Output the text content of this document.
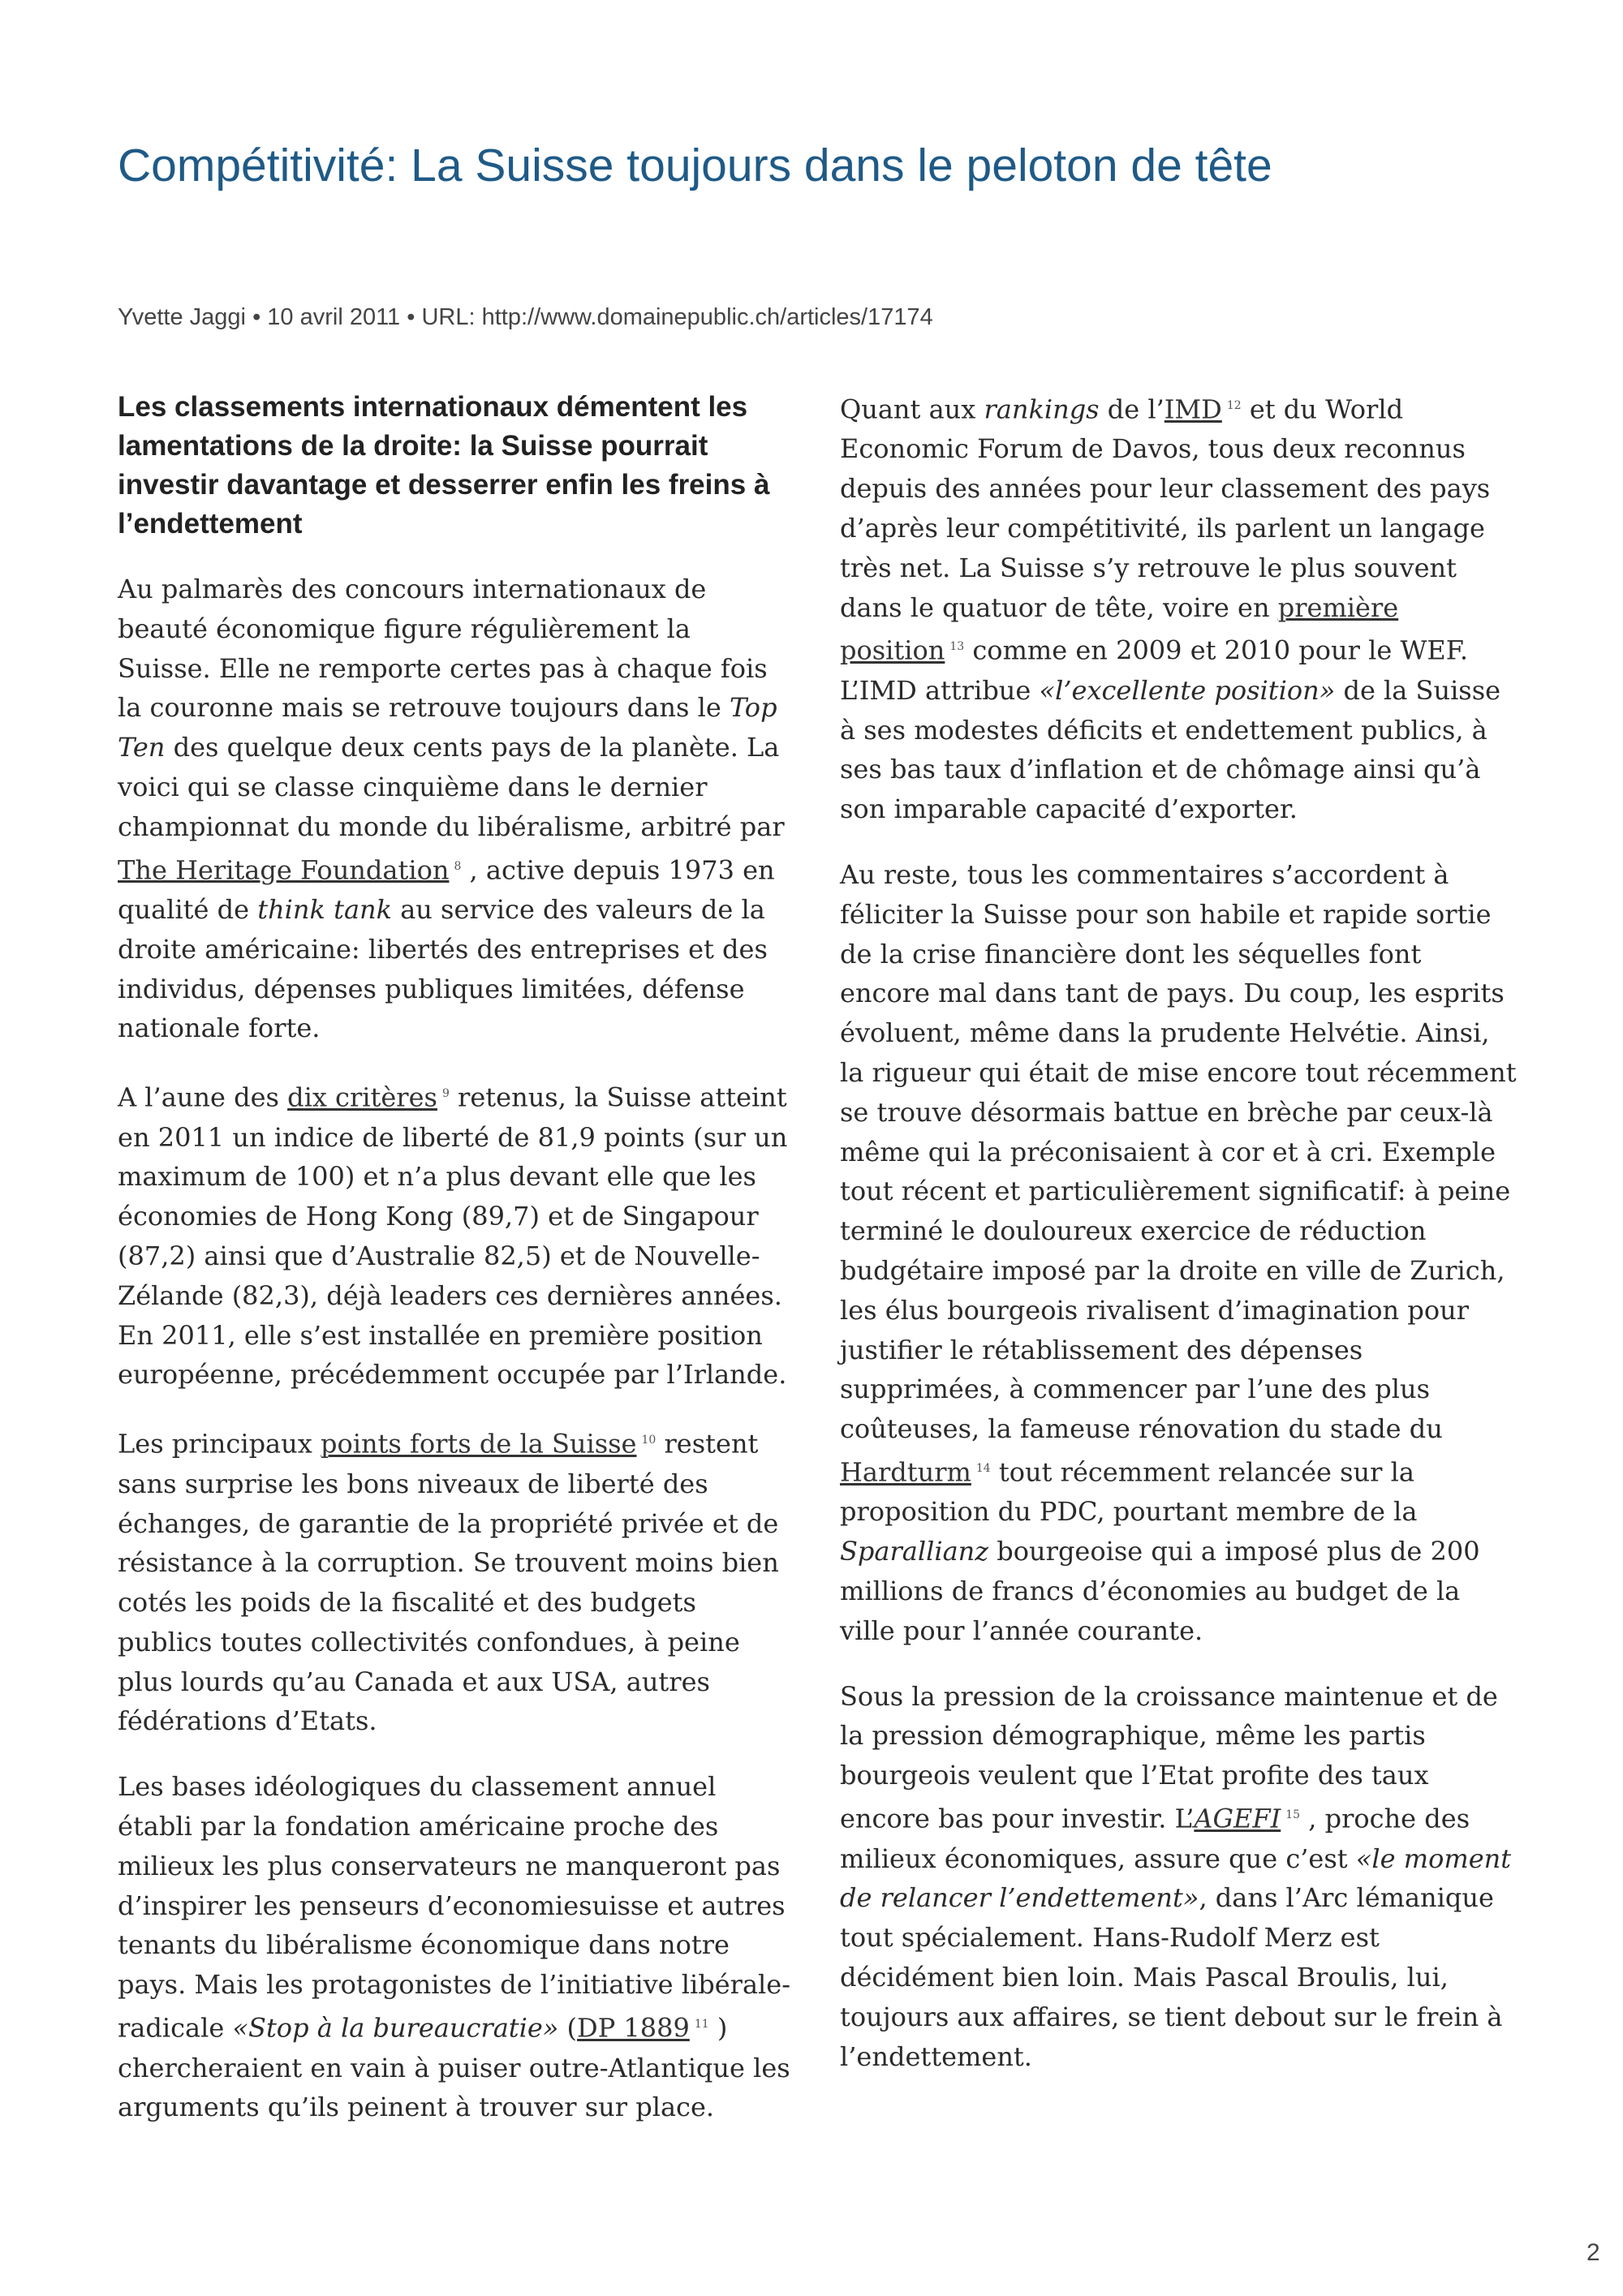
Compétitivité: La Suisse toujours dans le peloton de tête
Yvette Jaggi • 10 avril 2011 • URL: http://www.domainepublic.ch/articles/17174

Les classements internationaux démentent les lamentations de la droite: la Suisse pourrait investir davantage et desserrer enfin les freins à l’endettement

Au palmarès des concours internationaux de beauté économique figure régulièrement la Suisse. Elle ne remporte certes pas à chaque fois la couronne mais se retrouve toujours dans le Top Ten des quelque deux cents pays de la planète. La voici qui se classe cinquième dans le dernier championnat du monde du libéralisme, arbitré par The Heritage Foundation $^8$ , active depuis 1973 en qualité de think tank au service des valeurs de la droite américaine: libertés des entreprises et des individus, dépenses publiques limitées, défense nationale forte.

A l’aune des dix critères $^9$ retenus, la Suisse atteint en 2011 un indice de liberté de 81,9 points (sur un maximum de 100) et n’a plus devant elle que les économies de Hong Kong (89,7) et de Singapour (87,2) ainsi que d’Australie 82,5) et de Nouvelle-Zélande (82,3), déjà leaders ces dernières années. En 2011, elle s’est installée en première position européenne, précédemment occupée par l’Irlande.

Les principaux points forts de la Suisse $^{10}$ restent sans surprise les bons niveaux de liberté des échanges, de garantie de la propriété privée et de résistance à la corruption. Se trouvent moins bien cotés les poids de la fiscalité et des budgets publics toutes collectivités confondues, à peine plus lourds qu’au Canada et aux USA, autres fédérations d’Etats.

Les bases idéologiques du classement annuel établi par la fondation américaine proche des milieux les plus conservateurs ne manqueront pas d’inspirer les penseurs d’economiesuisse et autres tenants du libéralisme économique dans notre pays. Mais les protagonistes de l’initiative libérale-radicale «Stop à la bureaucratie» (DP 1889 $^{11}$ ) chercheraient en vain à puiser outre-Atlantique les arguments qu’ils peinent à trouver sur place.

Quant aux rankings de l’IMD $^{12}$ et du World Economic Forum de Davos, tous deux reconnus depuis des années pour leur classement des pays d’après leur compétitivité, ils parlent un langage très net. La Suisse s’y retrouve le plus souvent dans le quatuor de tête, voire en première position $^{13}$ comme en 2009 et 2010 pour le WEF. L’IMD attribue «l’excellente position» de la Suisse à ses modestes déficits et endettement publics, à ses bas taux d’inflation et de chômage ainsi qu’à son imparable capacité d’exporter.

Au reste, tous les commentaires s’accordent à féliciter la Suisse pour son habile et rapide sortie de la crise financière dont les séquelles font encore mal dans tant de pays. Du coup, les esprits évoluent, même dans la prudente Helvétie. Ainsi, la rigueur qui était de mise encore tout récemment se trouve désormais battue en brèche par ceux-là même qui la préconisaient à cor et à cri. Exemple tout récent et particulièrement significatif: à peine terminé le douloureux exercice de réduction budgétaire imposé par la droite en ville de Zurich, les élus bourgeois rivalisent d’imagination pour justifier le rétablissement des dépenses supprimées, à commencer par l’une des plus coûteuses, la fameuse rénovation du stade du Hardturm $^{14}$ tout récemment relancée sur la proposition du PDC, pourtant membre de la Sparallianz bourgeoise qui a imposé plus de 200 millions de francs d’économies au budget de la ville pour l’année courante.

Sous la pression de la croissance maintenue et de la pression démographique, même les partis bourgeois veulent que l’Etat profite des taux encore bas pour investir. L’AGEFI $^{15}$ , proche des milieux économiques, assure que c’est «le moment de relancer l’endettement», dans l’Arc lémanique tout spécialement. Hans-Rudolf Merz est décidément bien loin. Mais Pascal Broulis, lui, toujours aux affaires, se tient debout sur le frein à l’endettement.

2
